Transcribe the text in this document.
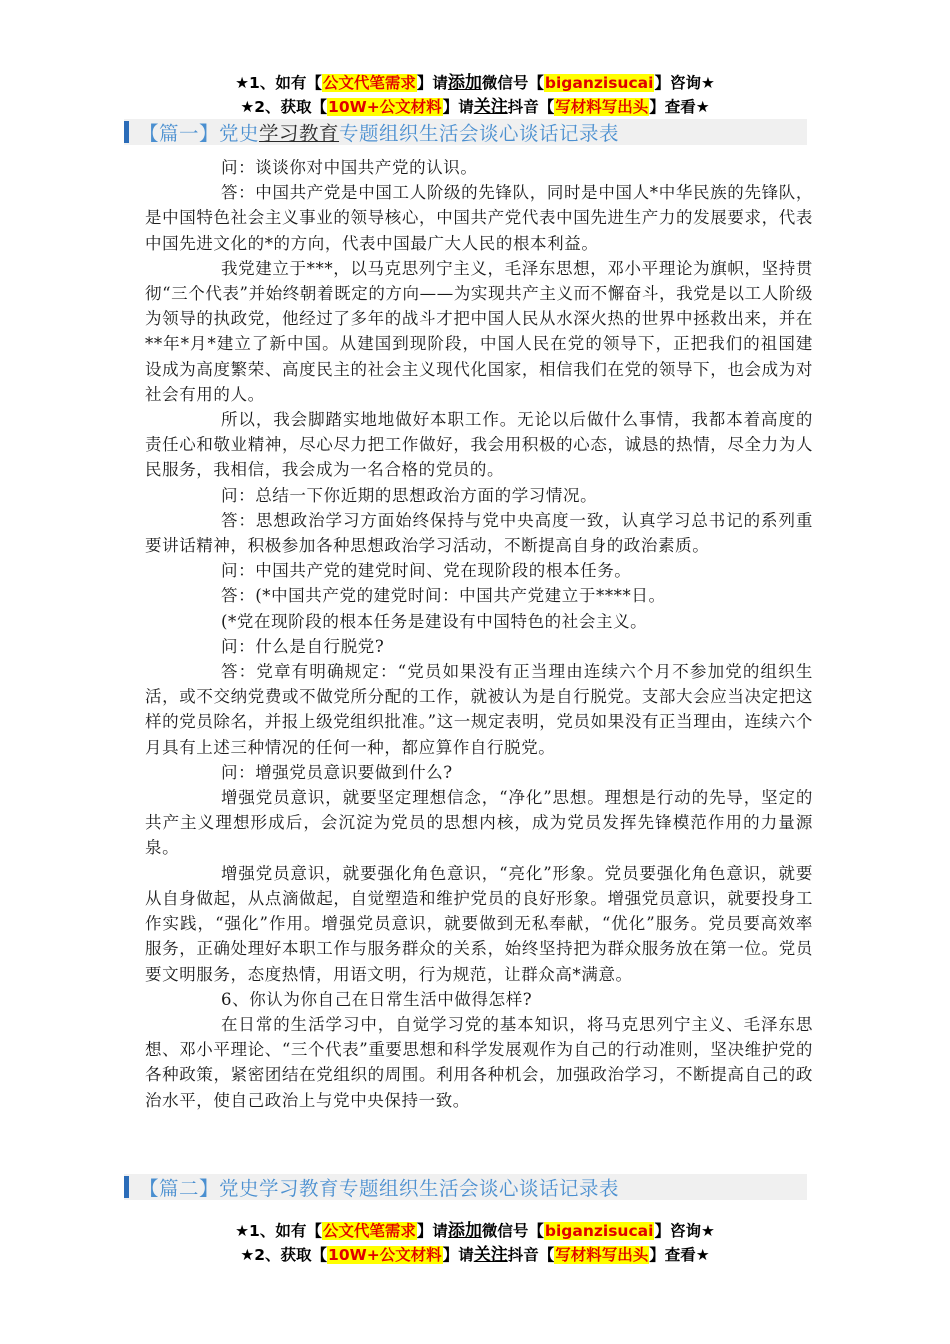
★1、如有【公文代笔需求】请添加微信号【biganzisucai】咨询★
★2、获取【10W+公文材料】请关注抖音【写材料写出头】查看★
【篇一】党史学习教育专题组织生活会谈心谈话记录表

问：谈谈你对中国共产党的认识。

答：中国共产党是中国工人阶级的先锋队，同时是中国人*中华民族的先锋队，是中国特色社会主义事业的领导核心，中国共产党代表中国先进生产力的发展要求，代表中国先进文化的*的方向，代表中国最广大人民的根本利益。

我党建立于***，以马克思列宁主义，毛泽东思想，邓小平理论为旗帜，坚持贯彻“三个代表”并始终朝着既定的方向——为实现共产主义而不懈奋斗，我党是以工人阶级为领导的执政党，他经过了多年的战斗才把中国人民从水深火热的世界中拯救出来，并在**年*月*建立了新中国。从建国到现阶段，中国人民在党的领导下，正把我们的祖国建设成为高度繁荣、高度民主的社会主义现代化国家，相信我们在党的领导下，也会成为对社会有用的人。

所以，我会脚踏实地地做好本职工作。无论以后做什么事情，我都本着高度的责任心和敬业精神，尽心尽力把工作做好，我会用积极的心态，诚恳的热情，尽全力为人民服务，我相信，我会成为一名合格的党员的。

问：总结一下你近期的思想政治方面的学习情况。

答：思想政治学习方面始终保持与党中央高度一致，认真学习总书记的系列重要讲话精神，积极参加各种思想政治学习活动，不断提高自身的政治素质。

问：中国共产党的建党时间、党在现阶段的根本任务。

答：(*中国共产党的建党时间：中国共产党建立于****日。

(*党在现阶段的根本任务是建设有中国特色的社会主义。

问：什么是自行脱党?

答：党章有明确规定：“党员如果没有正当理由连续六个月不参加党的组织生活，或不交纳党费或不做党所分配的工作，就被认为是自行脱党。支部大会应当决定把这样的党员除名，并报上级党组织批准。”这一规定表明，党员如果没有正当理由，连续六个月具有上述三种情况的任何一种，都应算作自行脱党。

问：增强党员意识要做到什么?

增强党员意识，就要坚定理想信念，“净化”思想。理想是行动的先导，坚定的共产主义理想形成后，会沉淀为党员的思想内核，成为党员发挥先锋模范作用的力量源泉。

增强党员意识，就要强化角色意识，“亮化”形象。党员要强化角色意识，就要从自身做起，从点滴做起，自觉塑造和维护党员的良好形象。增强党员意识，就要投身工作实践，“强化”作用。增强党员意识，就要做到无私奉献，“优化”服务。党员要高效率服务，正确处理好本职工作与服务群众的关系，始终坚持把为群众服务放在第一位。党员要文明服务，态度热情，用语文明，行为规范，让群众高*满意。

6、你认为你自己在日常生活中做得怎样?

在日常的生活学习中，自觉学习党的基本知识，将马克思列宁主义、毛泽东思想、邓小平理论、“三个代表”重要思想和科学发展观作为自己的行动准则，坚决维护党的各种政策，紧密团结在党组织的周围。利用各种机会，加强政治学习，不断提高自己的政治水平，使自己政治上与党中央保持一致。

【篇二】党史学习教育专题组织生活会谈心谈话记录表
★1、如有【公文代笔需求】请添加微信号【biganzisucai】咨询★
★2、获取【10W+公文材料】请关注抖音【写材料写出头】查看★
